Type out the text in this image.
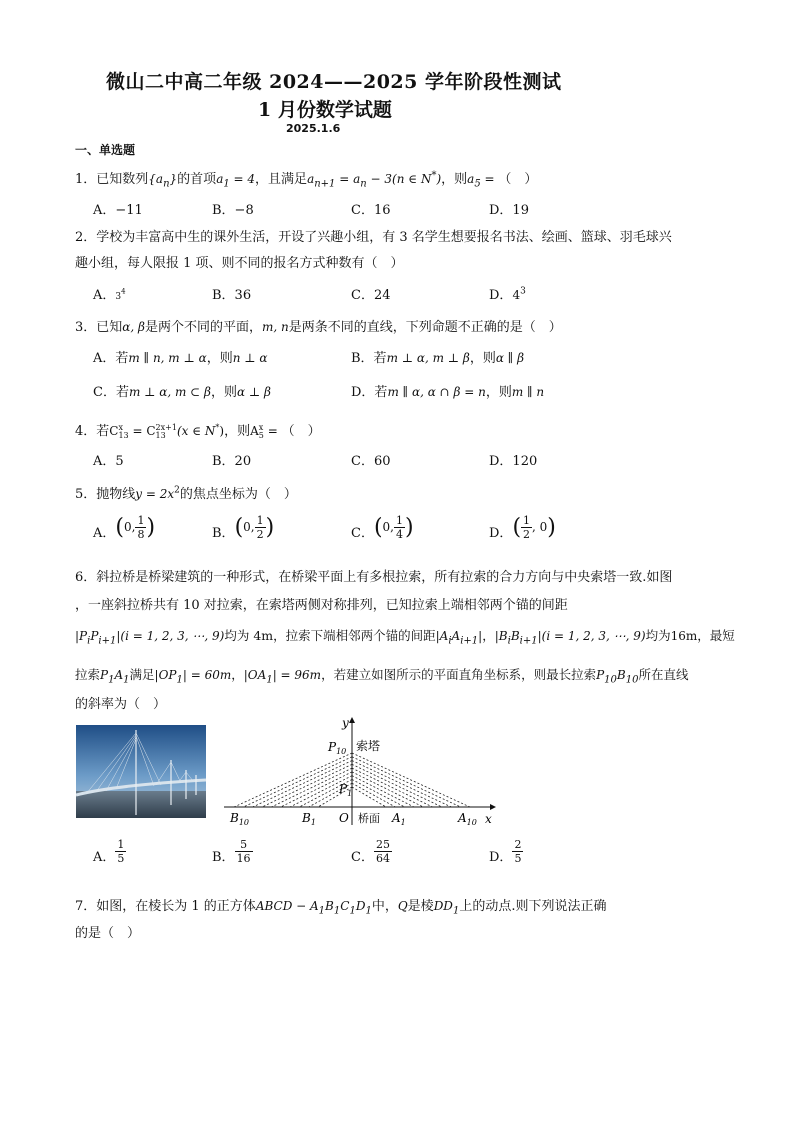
微山二中高二年级 2024——2025 学年阶段性测试
1 月份数学试题
2025.1.6
一、单选题
1．已知数列$\{a_n\}$的首项$a_1 = 4$，且满足$a_{n+1} = a_n - 3(n$ ∈ N*)，则$a_5$ = （　）
A．−11	B．−8	C．16	D．19
2．学校为丰富高中生的课外生活，开设了兴趣小组，有 3 名学生想要报名书法、绘画、篮球、羽毛球兴
趣小组，每人限报 1 项、则不同的报名方式种数有（　）
A．$3^4$	B．36	C．24	D．$4^3$
3．已知α, β是两个不同的平面，m, n是两条不同的直线，下列命题不正确的是（　）
A．若m ∥ n, m ⊥ α，则n ⊥ α	B．若m ⊥ α, m ⊥ β，则α ∥ β
C．若m ⊥ α, m ⊂ β，则α ⊥ β	D．若m ∥ α, α ∩ β = n，则m ∥ n
4．若C x
13 = C 2x+1
13 (x ∈ N*)，则A x
5 = （　）
A．5	B．20	C．60	D．120
5．抛物线$y = 2x^2$的焦点坐标为（　）
A．(0, $\frac{1}{8}$ )	B．(0, $\frac{1}{2}$ )	C．(0, $\frac{1}{4}$ )	D．( $\frac{1}{2}$ , 0)
6．斜拉桥是桥梁建筑的一种形式，在桥梁平面上有多根拉索，所有拉索的合力方向与中央索塔一致.如图
，一座斜拉桥共有 10 对拉索，在索塔两侧对称排列，已知拉索上端相邻两个锚的间距
$|P_iP_{i+1}|(i = 1$, 2, 3, ⋯, 9)均为 4m，拉索下端相邻两个锚的间距$|A_iA_{i+1}|$，$|B_iB_{i+1}|(i = 1$, 2, 3, ⋯, 9)均为16m，最短
拉索$P_1A_1$满足$|OP_1| = 60m$，$|OA_1| = 96m$，若建立如图所示的平面直角坐标系，则最长拉索$P_{10}B_{10}$所在直线
的斜率为（　）
y
x
$P_{10}$
$P_1$
O
$B_{10}$	$B_1$	$A_1$	$A_{10}$
索塔
桥面
A． $\frac{1}{5}$	B． $\frac{5}{16}$	C． $\frac{25}{64}$	D． $\frac{2}{5}$
7．如图，在棱长为 1 的正方体ABCD − $A_1B_1C_1D_1$中，Q是棱$DD_1$上的动点.则下列说法正确
的是（　）
